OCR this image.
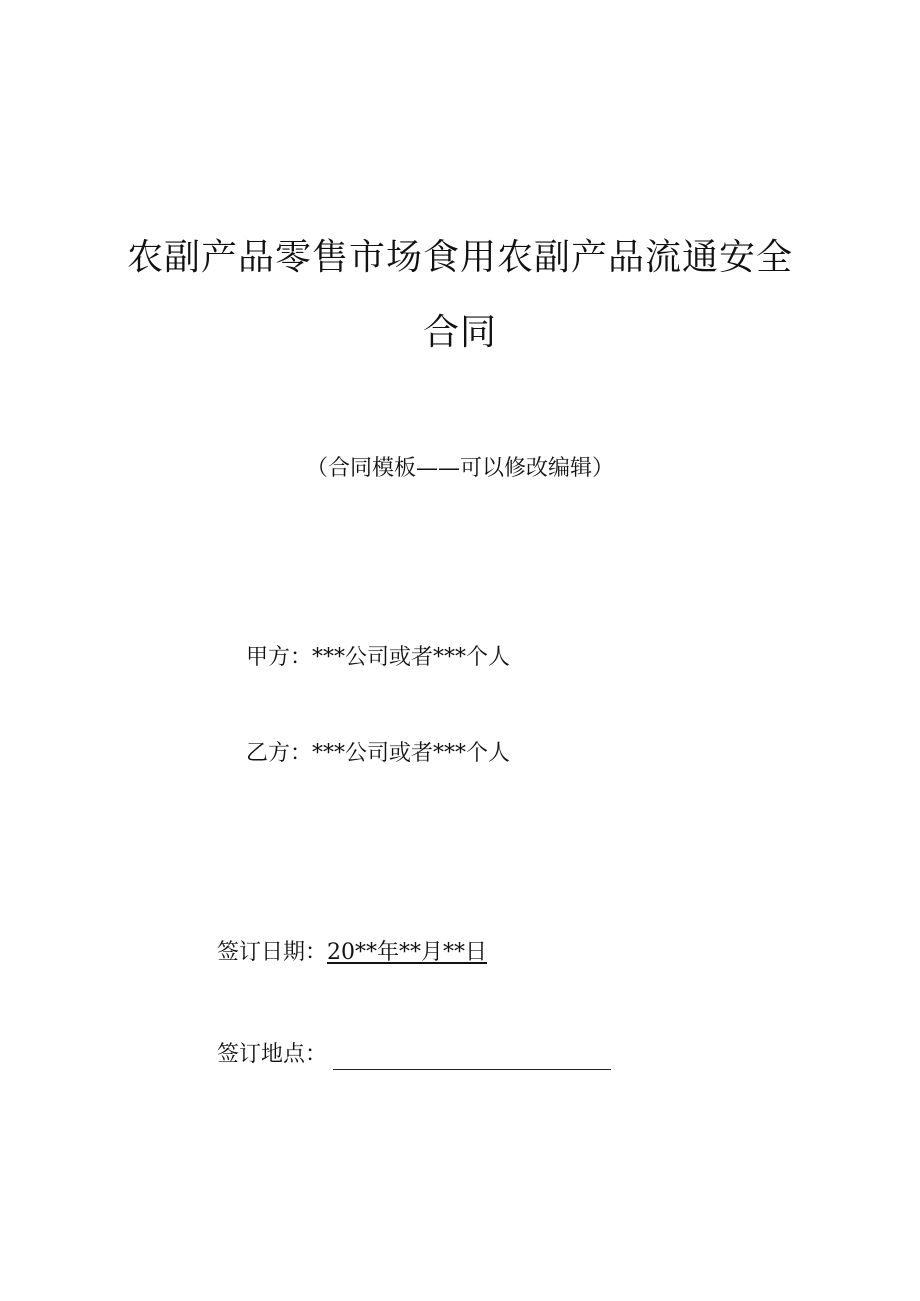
农副产品零售市场食用农副产品流通安全
合同
（合同模板——可以修改编辑）
甲方：***公司或者***个人
乙方：***公司或者***个人
签订日期：20**年**月**日
签订地点：
